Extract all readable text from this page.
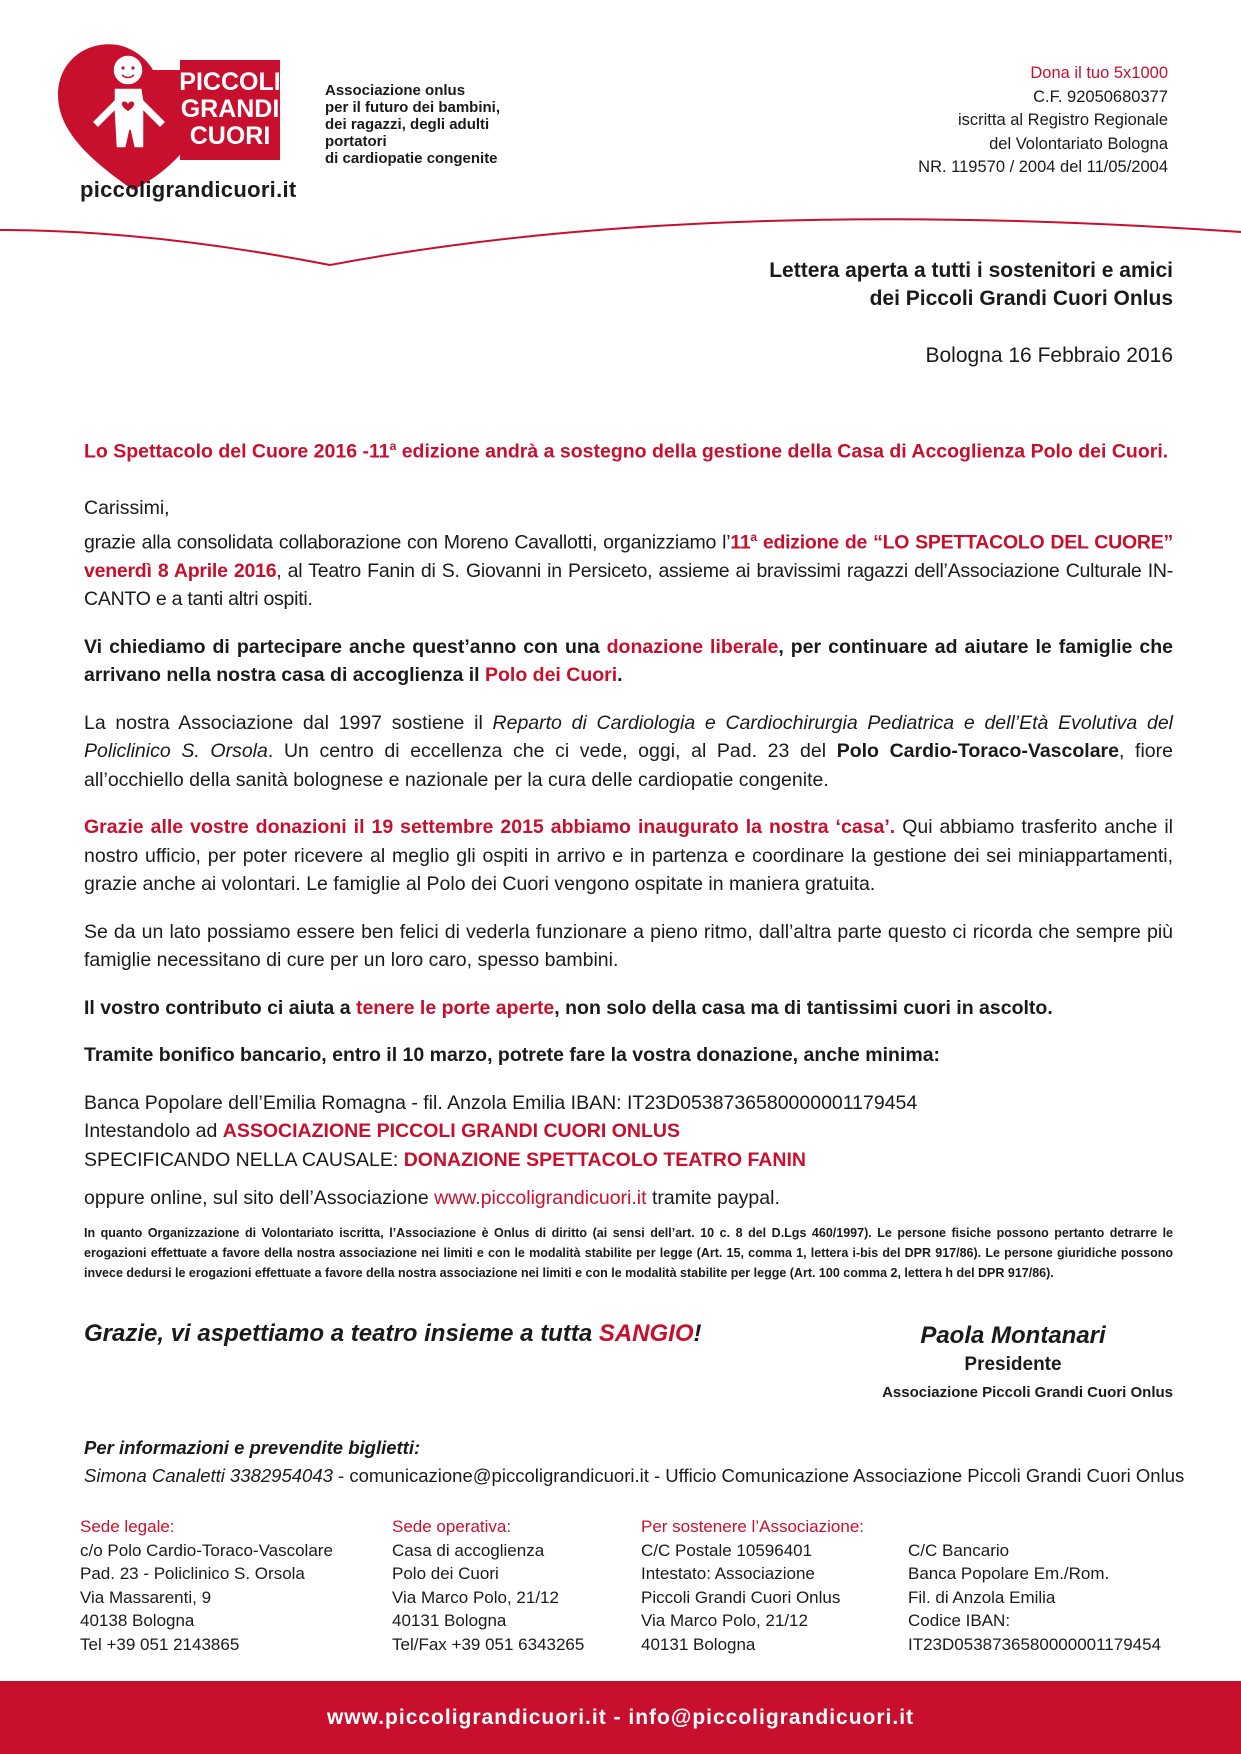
PICCOLI
GRANDI
CUORI
Associazione onlus
per il futuro dei bambini,
dei ragazzi, degli adulti
portatori
di cardiopatie congenite
piccoligrandicuori.it
Dona il tuo 5x1000
C.F. 92050680377
iscritta al Registro Regionale
del Volontariato Bologna
NR. 119570 / 2004 del 11/05/2004
Lettera aperta a tutti i sostenitori e amici
dei Piccoli Grandi Cuori Onlus
Bologna 16 Febbraio 2016

Lo Spettacolo del Cuore 2016 -11$^a$ edizione andrà a sostegno della gestione della Casa di Accoglienza Polo dei Cuori.

Carissimi,

grazie alla consolidata collaborazione con Moreno Cavallotti, organizziamo l’11$^a$ edizione de “LO SPETTACOLO DEL CUORE” venerdì 8 Aprile 2016, al Teatro Fanin di S. Giovanni in Persiceto, assieme ai bravissimi ragazzi dell’Associazione Culturale IN-CANTO e a tanti altri ospiti.

Vi chiediamo di partecipare anche quest’anno con una donazione liberale, per continuare ad aiutare le famiglie che arrivano nella nostra casa di accoglienza il Polo dei Cuori.

La nostra Associazione dal 1997 sostiene il Reparto di Cardiologia e Cardiochirurgia Pediatrica e dell’Età Evolutiva del Policlinico S. Orsola. Un centro di eccellenza che ci vede, oggi, al Pad. 23 del Polo Cardio-Toraco-Vascolare, fiore all’occhiello della sanità bolognese e nazionale per la cura delle cardiopatie congenite.

Grazie alle vostre donazioni il 19 settembre 2015 abbiamo inaugurato la nostra ‘casa’. Qui abbiamo trasferito anche il nostro ufficio, per poter ricevere al meglio gli ospiti in arrivo e in partenza e coordinare la gestione dei sei miniappartamenti, grazie anche ai volontari. Le famiglie al Polo dei Cuori vengono ospitate in maniera gratuita.

Se da un lato possiamo essere ben felici di vederla funzionare a pieno ritmo, dall’altra parte questo ci ricorda che sempre più famiglie necessitano di cure per un loro caro, spesso bambini.

Il vostro contributo ci aiuta a tenere le porte aperte, non solo della casa ma di tantissimi cuori in ascolto.

Tramite bonifico bancario, entro il 10 marzo, potrete fare la vostra donazione, anche minima:

Banca Popolare dell’Emilia Romagna - fil. Anzola Emilia IBAN: IT23D0538736580000001179454

Intestandolo ad ASSOCIAZIONE PICCOLI GRANDI CUORI ONLUS

SPECIFICANDO NELLA CAUSALE: DONAZIONE SPETTACOLO TEATRO FANIN

oppure online, sul sito dell’Associazione www.piccoligrandicuori.it tramite paypal.

In quanto Organizzazione di Volontariato iscritta, l’Associazione è Onlus di diritto (ai sensi dell’art. 10 c. 8 del D.Lgs 460/1997). Le persone fisiche possono pertanto detrarre le erogazioni effettuate a favore della nostra associazione nei limiti e con le modalità stabilite per legge (Art. 15, comma 1, lettera i-bis del DPR 917/86). Le persone giuridiche possono invece dedursi le erogazioni effettuate a favore della nostra associazione nei limiti e con le modalità stabilite per legge (Art. 100 comma 2, lettera h del DPR 917/86).

Grazie, vi aspettiamo a teatro insieme a tutta SANGIO!	Paola Montanari
Presidente
Associazione Piccoli Grandi Cuori Onlus
Per informazioni e prevendite biglietti:
Simona Canaletti 3382954043 - comunicazione@piccoligrandicuori.it - Ufficio Comunicazione Associazione Piccoli Grandi Cuori Onlus
Sede legale:
c/o Polo Cardio-Toraco-Vascolare
Pad. 23 - Policlinico S. Orsola
Via Massarenti, 9
40138 Bologna
Tel +39 051 2143865
Sede operativa:
Casa di accoglienza
Polo dei Cuori
Via Marco Polo, 21/12
40131 Bologna
Tel/Fax +39 051 6343265
Per sostenere l’Associazione:
C/C Postale 10596401
Intestato: Associazione
Piccoli Grandi Cuori Onlus
Via Marco Polo, 21/12
40131 Bologna
C/C Bancario
Banca Popolare Em./Rom.
Fil. di Anzola Emilia
Codice IBAN:
IT23D0538736580000001179454
www.piccoligrandicuori.it - info@piccoligrandicuori.it
